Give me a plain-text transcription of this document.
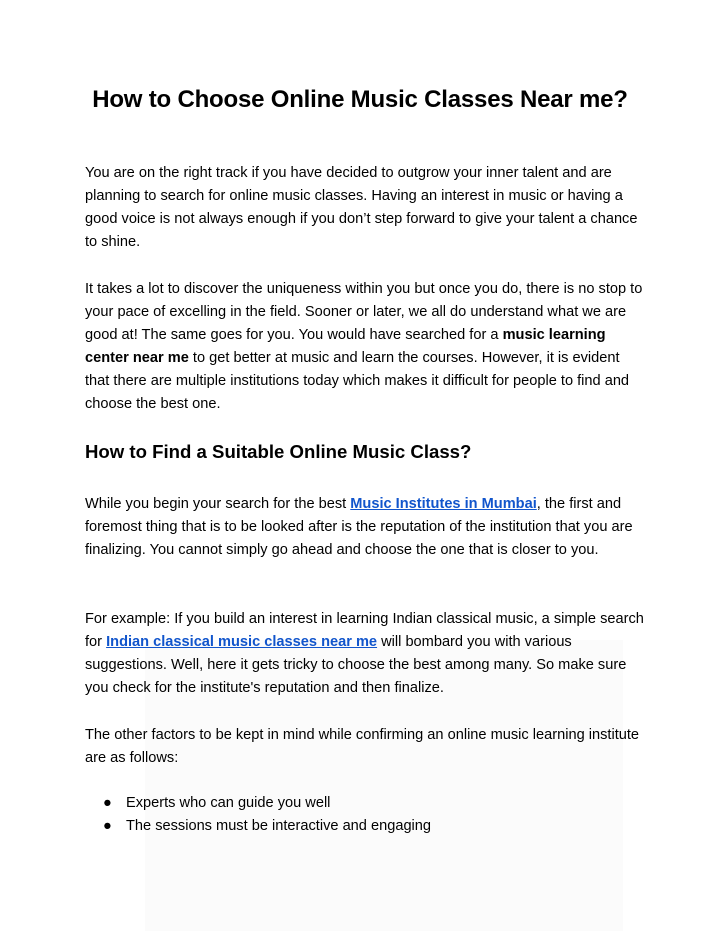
How to Choose Online Music Classes Near me?

You are on the right track if you have decided to outgrow your inner talent and are planning to search for online music classes. Having an interest in music or having a good voice is not always enough if you don’t step forward to give your talent a chance to shine.

It takes a lot to discover the uniqueness within you but once you do, there is no stop to your pace of excelling in the field. Sooner or later, we all do understand what we are good at! The same goes for you. You would have searched for a music learning center near me to get better at music and learn the courses. However, it is evident that there are multiple institutions today which makes it difficult for people to find and choose the best one.

How to Find a Suitable Online Music Class?

While you begin your search for the best Music Institutes in Mumbai, the first and foremost thing that is to be looked after is the reputation of the institution that you are finalizing. You cannot simply go ahead and choose the one that is closer to you.

For example: If you build an interest in learning Indian classical music, a simple search for Indian classical music classes near me will bombard you with various suggestions. Well, here it gets tricky to choose the best among many. So make sure you check for the institute's reputation and then finalize.

The other factors to be kept in mind while confirming an online music learning institute are as follows:

● Experts who can guide you well
● The sessions must be interactive and engaging
